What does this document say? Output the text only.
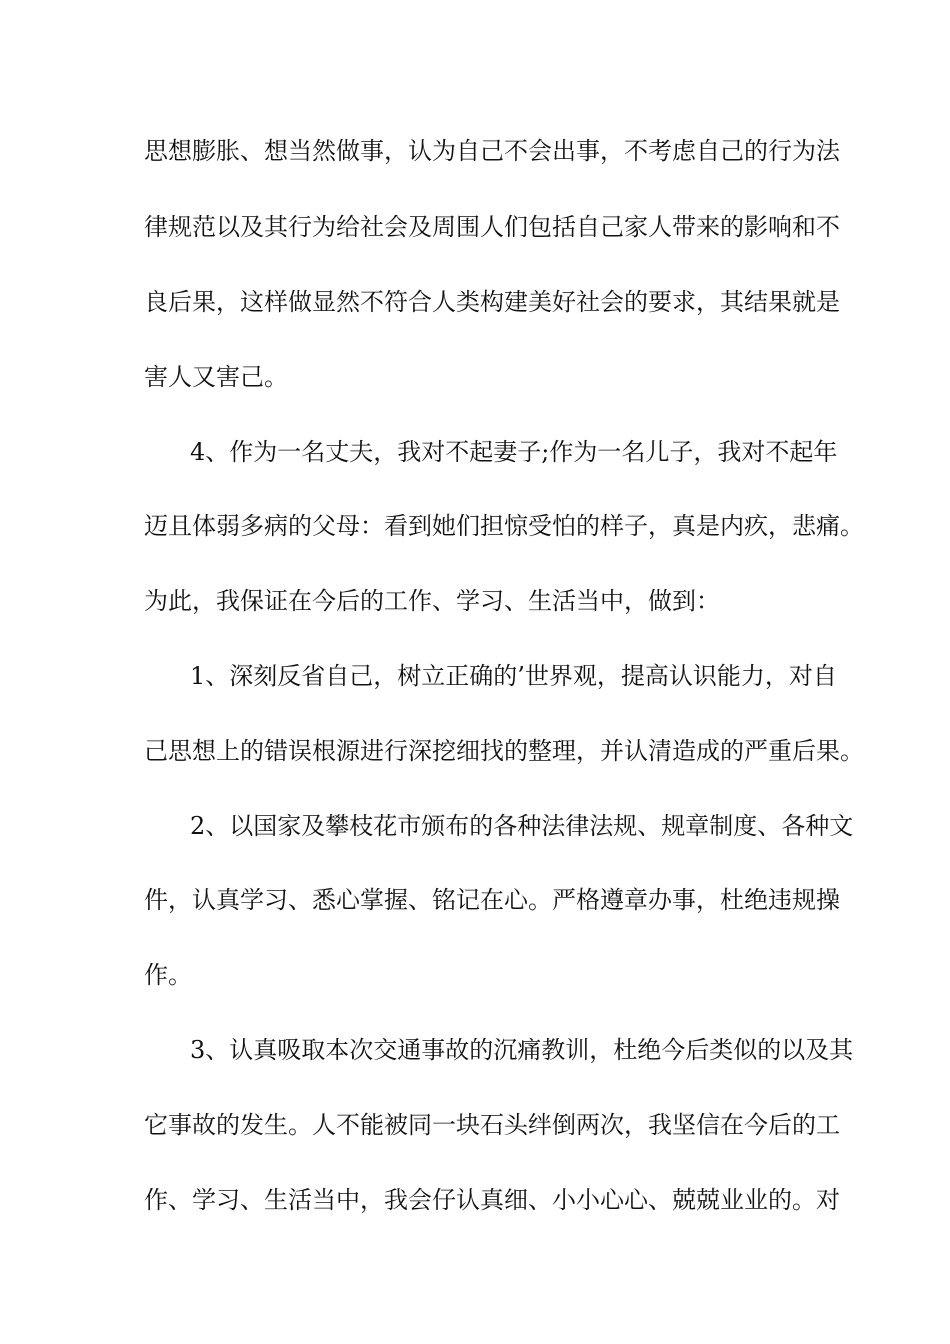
思想膨胀、想当然做事，认为自己不会出事，不考虑自己的行为法
律规范以及其行为给社会及周围人们包括自己家人带来的影响和不
良后果，这样做显然不符合人类构建美好社会的要求，其结果就是
害人又害己。
4、作为一名丈夫，我对不起妻子;作为一名儿子，我对不起年
迈且体弱多病的父母：看到她们担惊受怕的样子，真是内疚，悲痛。
为此，我保证在今后的工作、学习、生活当中，做到：
1、深刻反省自己，树立正确的’世界观，提高认识能力，对自
己思想上的错误根源进行深挖细找的整理，并认清造成的严重后果。
2、以国家及攀枝花市颁布的各种法律法规、规章制度、各种文
件，认真学习、悉心掌握、铭记在心。严格遵章办事，杜绝违规操
作。
3、认真吸取本次交通事故的沉痛教训，杜绝今后类似的以及其
它事故的发生。人不能被同一块石头绊倒两次，我坚信在今后的工
作、学习、生活当中，我会仔认真细、小小心心、兢兢业业的。对
